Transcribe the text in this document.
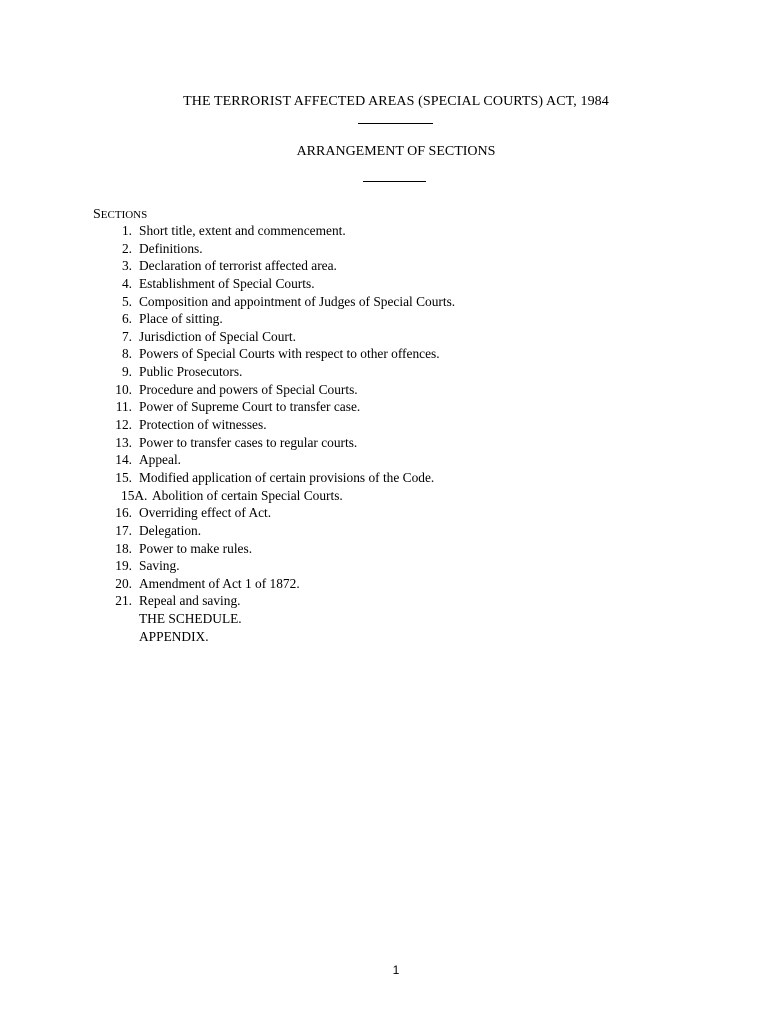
THE TERRORIST AFFECTED AREAS (SPECIAL COURTS) ACT, 1984
ARRANGEMENT OF SECTIONS
SECTIONS
1. Short title, extent and commencement.
2. Definitions.
3. Declaration of terrorist affected area.
4. Establishment of Special Courts.
5. Composition and appointment of Judges of Special Courts.
6. Place of sitting.
7. Jurisdiction of Special Court.
8. Powers of Special Courts with respect to other offences.
9. Public Prosecutors.
10. Procedure and powers of Special Courts.
11. Power of Supreme Court to transfer case.
12. Protection of witnesses.
13. Power to transfer cases to regular courts.
14. Appeal.
15. Modified application of certain provisions of the Code.
15A. Abolition of certain Special Courts.
16. Overriding effect of Act.
17. Delegation.
18. Power to make rules.
19. Saving.
20. Amendment of Act 1 of 1872.
21. Repeal and saving.
THE SCHEDULE.
APPENDIX.
1
